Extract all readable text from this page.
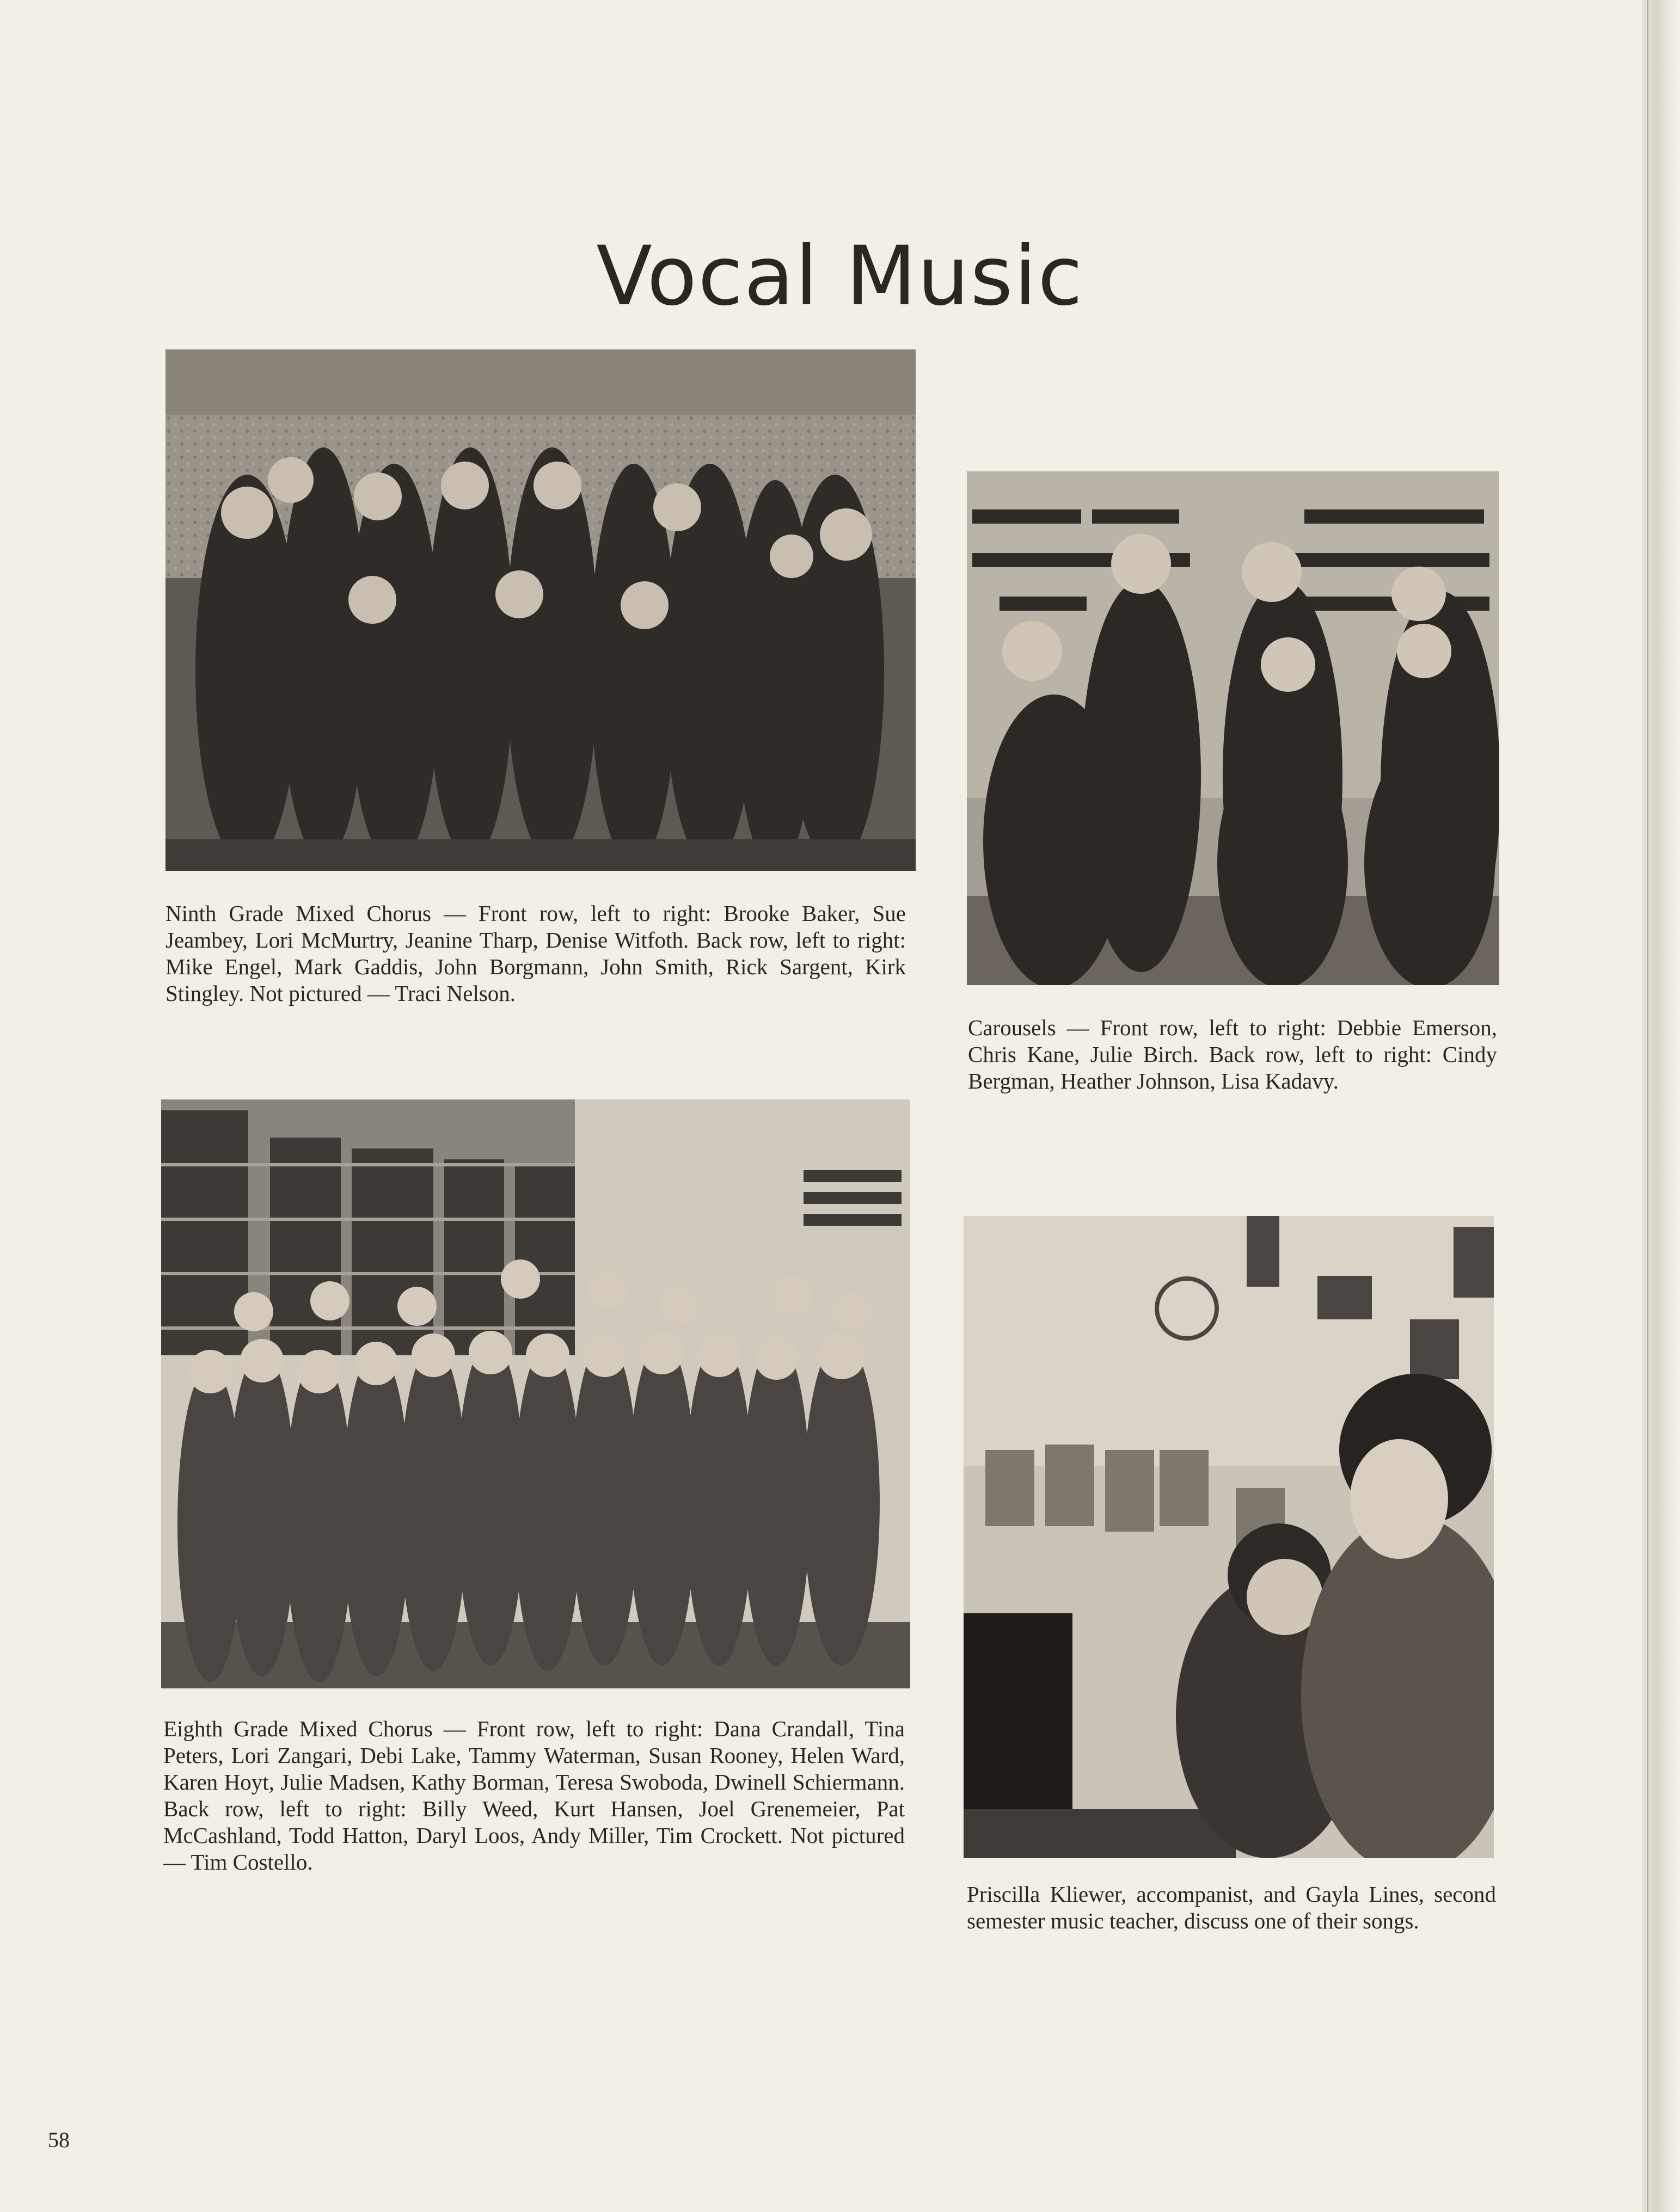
Vocal Music
Ninth Grade Mixed Chorus — Front row, left to right: Brooke Baker, Sue Jeambey, Lori McMurtry, Jeanine Tharp, Denise Witfoth. Back row, left to right: Mike Engel, Mark Gaddis, John Borgmann, John Smith, Rick Sargent, Kirk Stingley. Not pictured — Traci Nelson.
Carousels — Front row, left to right: Debbie Emerson, Chris Kane, Julie Birch. Back row, left to right: Cindy Bergman, Heather Johnson, Lisa Kadavy.
Eighth Grade Mixed Chorus — Front row, left to right: Dana Crandall, Tina Peters, Lori Zangari, Debi Lake, Tammy Waterman, Susan Rooney, Helen Ward, Karen Hoyt, Julie Madsen, Kathy Borman, Teresa Swoboda, Dwinell Schiermann. Back row, left to right: Billy Weed, Kurt Hansen, Joel Grenemeier, Pat McCashland, Todd Hatton, Daryl Loos, Andy Miller, Tim Crockett. Not pictured — Tim Costello.
Priscilla Kliewer, accompanist, and Gayla Lines, second semester music teacher, discuss one of their songs.
58
